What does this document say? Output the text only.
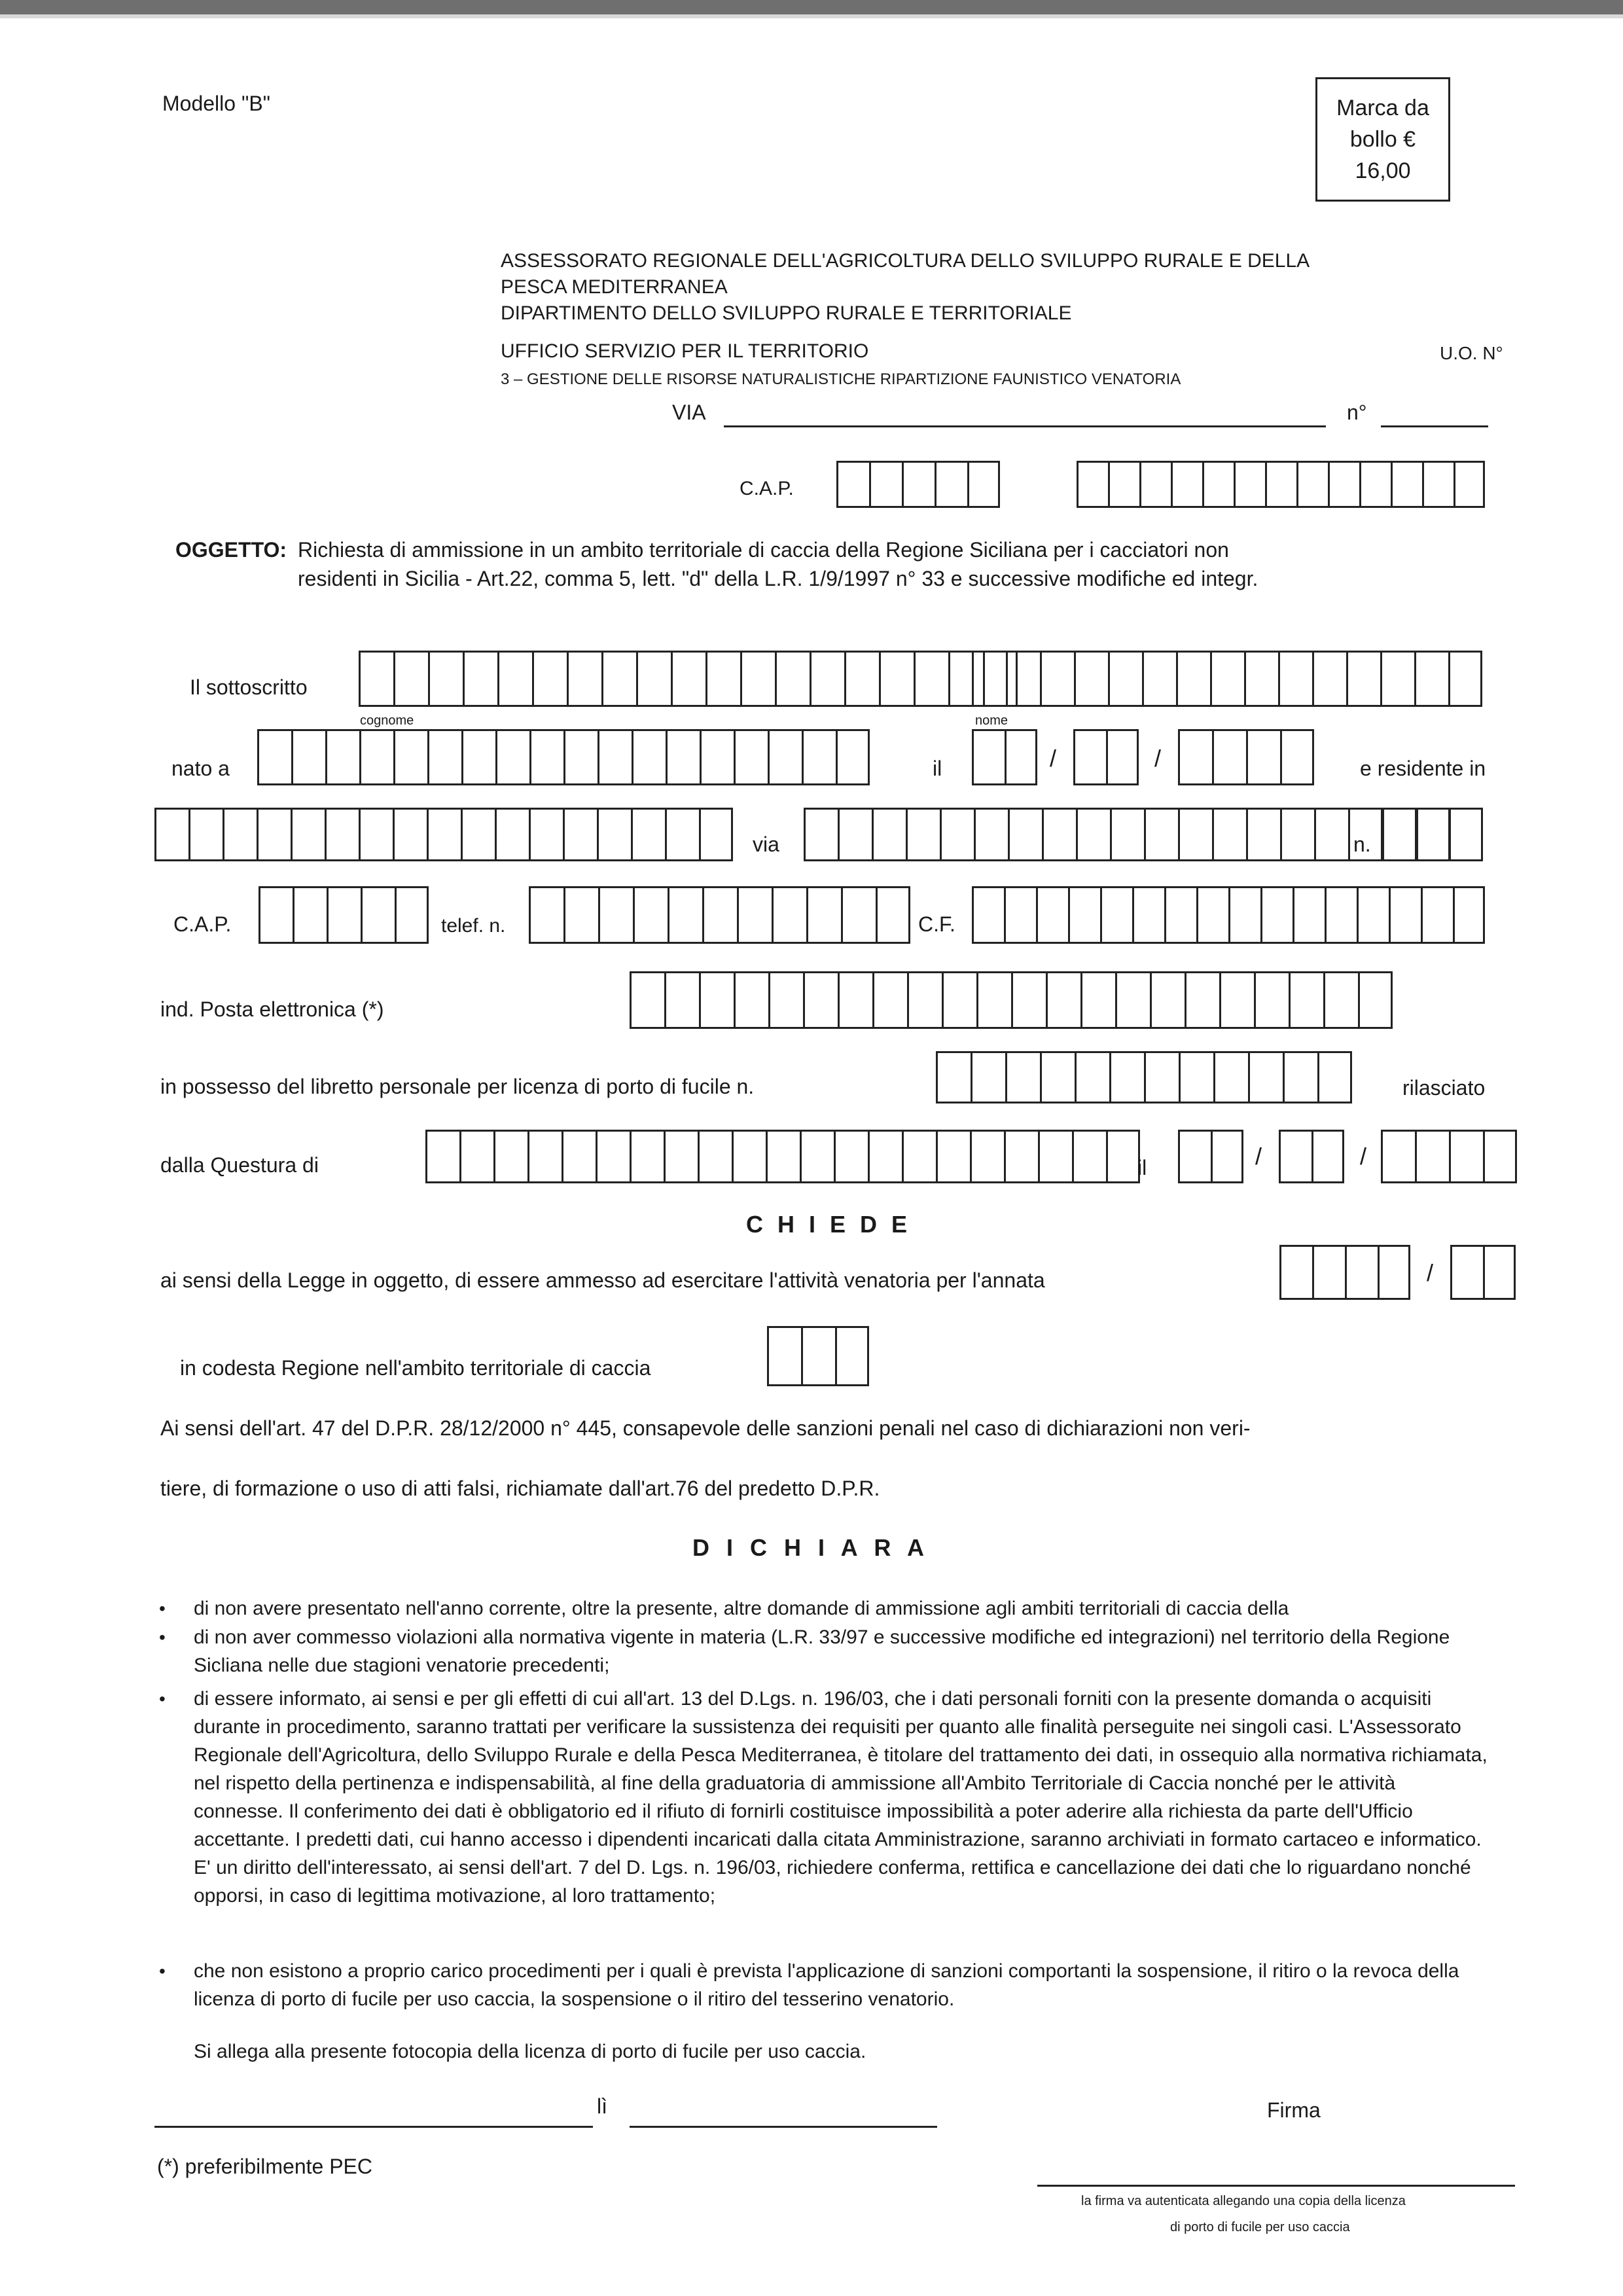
Modello "B"	Marca da
bollo €
16,00
ASSESSORATO REGIONALE DELL'AGRICOLTURA DELLO SVILUPPO RURALE E DELLA
PESCA MEDITERRANEA
DIPARTIMENTO DELLO SVILUPPO RURALE E TERRITORIALE
UFFICIO SERVIZIO PER IL TERRITORIO	U.O. N°
3 – GESTIONE DELLE RISORSE NATURALISTICHE RIPARTIZIONE FAUNISTICO VENATORIA
VIA	n°
C.A.P.
OGGETTO: Richiesta di ammissione in un ambito territoriale di caccia della Regione Siciliana per i cacciatori non
residenti in Sicilia - Art.22, comma 5, lett. "d" della L.R. 1/9/1997 n° 33 e successive modifiche ed integr.
Il sottoscritto
cognome	nome
nato a	il	/	/	e residente in
via	n.
C.A.P.	telef. n.	C.F.
ind. Posta elettronica (*)
in possesso del libretto personale per licenza di porto di fucile n.	rilasciato
dalla Questura di	il	/	/
C H I E D E
ai sensi della Legge in oggetto, di essere ammesso ad esercitare l'attività venatoria per l'annata	/
in codesta Regione nell'ambito territoriale di caccia
Ai sensi dell'art. 47 del D.P.R. 28/12/2000 n° 445, consapevole delle sanzioni penali nel caso di dichiarazioni non veri-
tiere, di formazione o uso di atti falsi, richiamate dall'art.76 del predetto D.P.R.
D I C H I A R A
• di non avere presentato nell'anno corrente, oltre la presente, altre domande di ammissione agli ambiti territoriali di caccia della
• di non aver commesso violazioni alla normativa vigente in materia (L.R. 33/97 e successive modifiche ed integrazioni) nel territorio della Regione Sicliana nelle due stagioni venatorie precedenti;
• di essere informato, ai sensi e per gli effetti di cui all'art. 13 del D.Lgs. n. 196/03, che i dati personali forniti con la presente domanda o acquisiti durante in procedimento, saranno trattati per verificare la sussistenza dei requisiti per quanto alle finalità perseguite nei singoli casi. L'Assessorato Regionale dell'Agricoltura, dello Sviluppo Rurale e della Pesca Mediterranea, è titolare del trattamento dei dati, in ossequio alla normativa richiamata, nel rispetto della pertinenza e indispensabilità, al fine della graduatoria di ammissione all'Ambito Territoriale di Caccia nonché per le attività connesse. Il conferimento dei dati è obbligatorio ed il rifiuto di fornirli costituisce impossibilità a poter aderire alla richiesta da parte dell'Ufficio accettante. I predetti dati, cui hanno accesso i dipendenti incaricati dalla citata Amministrazione, saranno archiviati in formato cartaceo e informatico. E' un diritto dell'interessato, ai sensi dell'art. 7 del D. Lgs. n. 196/03, richiedere conferma, rettifica e cancellazione dei dati che lo riguardano nonché opporsi, in caso di legittima motivazione, al loro trattamento;
• che non esistono a proprio carico procedimenti per i quali è prevista l'applicazione di sanzioni comportanti la sospensione, il ritiro o la revoca della licenza di porto di fucile per uso caccia, la sospensione o il ritiro del tesserino venatorio.
Si allega alla presente fotocopia della licenza di porto di fucile per uso caccia.
lì	Firma
(*) preferibilmente PEC
la firma va autenticata allegando una copia della licenza
di porto di fucile per uso caccia
